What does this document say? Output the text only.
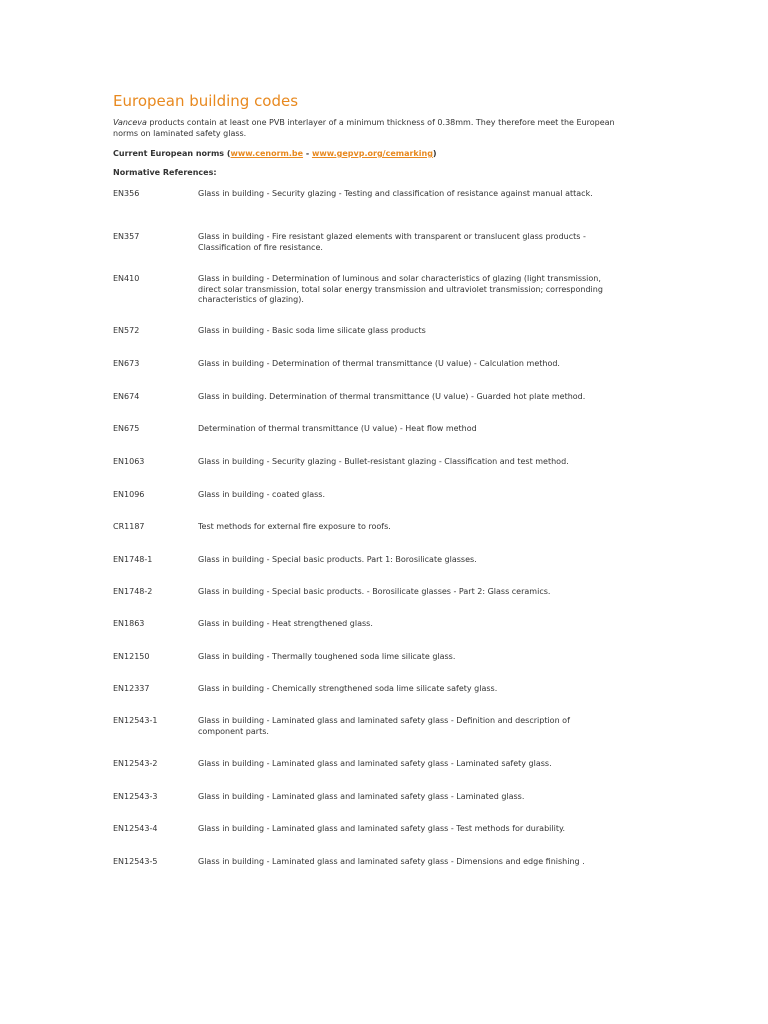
European building codes

Vanceva products contain at least one PVB interlayer of a minimum thickness of 0.38mm. They therefore meet the European norms on laminated safety glass.

Current European norms (www.cenorm.be - www.gepvp.org/cemarking)
Normative References:
EN356	Glass in building - Security glazing - Testing and classification of resistance against manual attack.
EN357	Glass in building - Fire resistant glazed elements with transparent or translucent glass products - Classification of fire resistance.
EN410	Glass in building - Determination of luminous and solar characteristics of glazing (light transmission, direct solar transmission, total solar energy transmission and ultraviolet transmission; corresponding characteristics of glazing).
EN572	Glass in building - Basic soda lime silicate glass products
EN673	Glass in building - Determination of thermal transmittance (U value) - Calculation method.
EN674	Glass in building. Determination of thermal transmittance (U value) - Guarded hot plate method.
EN675	Determination of thermal transmittance (U value) - Heat flow method
EN1063	Glass in building - Security glazing - Bullet-resistant glazing - Classification and test method.
EN1096	Glass in building - coated glass.
CR1187	Test methods for external fire exposure to roofs.
EN1748-1	Glass in building - Special basic products. Part 1: Borosilicate glasses.
EN1748-2	Glass in building - Special basic products. - Borosilicate glasses - Part 2: Glass ceramics.
EN1863	Glass in building - Heat strengthened glass.
EN12150	Glass in building - Thermally toughened soda lime silicate glass.
EN12337	Glass in building - Chemically strengthened soda lime silicate safety glass.
EN12543-1	Glass in building - Laminated glass and laminated safety glass - Definition and description of component parts.
EN12543-2	Glass in building - Laminated glass and laminated safety glass - Laminated safety glass.
EN12543-3	Glass in building - Laminated glass and laminated safety glass - Laminated glass.
EN12543-4	Glass in building - Laminated glass and laminated safety glass - Test methods for durability.
EN12543-5	Glass in building - Laminated glass and laminated safety glass - Dimensions and edge finishing .
